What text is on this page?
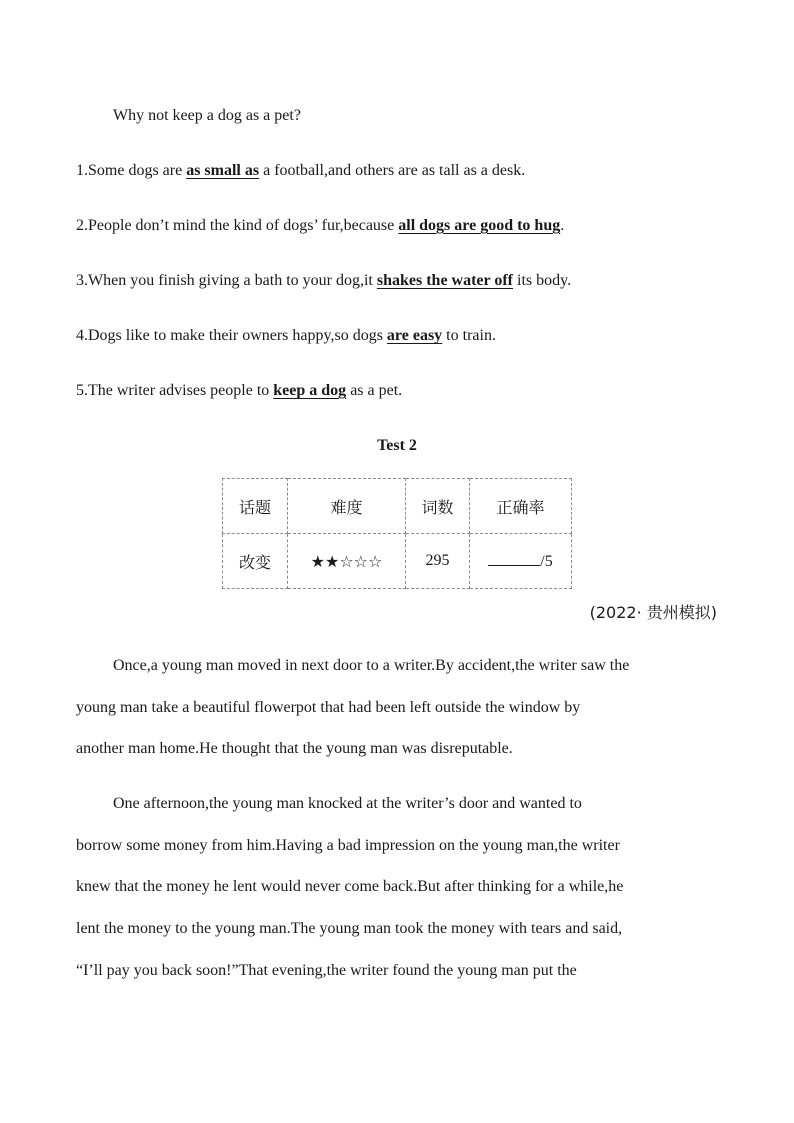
Why not keep a dog as a pet?
1.Some dogs are as small as a football,and others are as tall as a desk.
2.People don’t mind the kind of dogs’ fur,because all dogs are good to hug.
3.When you finish giving a bath to your dog,it shakes the water off its body.
4.Dogs like to make their owners happy,so dogs are easy to train.
5.The writer advises people to keep a dog as a pet.
Test 2
话题	难度	词数	正确率
改变	★★☆☆☆	295	/5
(2022· 贵州模拟)
Once,a young man moved in next door to a writer.By accident,the writer saw the
young man take a beautiful flowerpot that had been left outside the window by
another man home.He thought that the young man was disreputable.
One afternoon,the young man knocked at the writer’s door and wanted to
borrow some money from him.Having a bad impression on the young man,the writer
knew that the money he lent would never come back.But after thinking for a while,he
lent the money to the young man.The young man took the money with tears and said,
“I’ll pay you back soon!”That evening,the writer found the young man put the
